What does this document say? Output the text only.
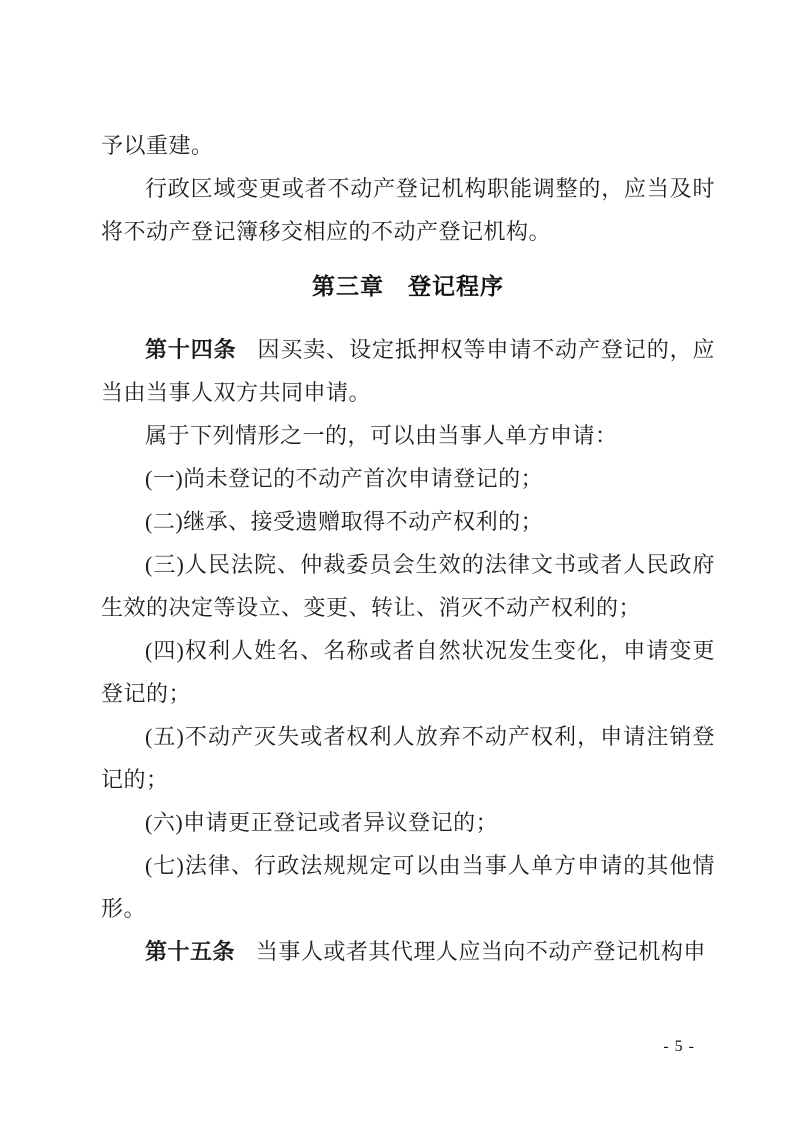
予以重建。

行政区域变更或者不动产登记机构职能调整的，应当及时将不动产登记簿移交相应的不动产登记机构。

第三章　登记程序

第十四条 因买卖、设定抵押权等申请不动产登记的，应当由当事人双方共同申请。

属于下列情形之一的，可以由当事人单方申请：

(一)尚未登记的不动产首次申请登记的；

(二)继承、接受遗赠取得不动产权利的；

(三)人民法院、仲裁委员会生效的法律文书或者人民政府生效的决定等设立、变更、转让、消灭不动产权利的；

(四)权利人姓名、名称或者自然状况发生变化，申请变更登记的；

(五)不动产灭失或者权利人放弃不动产权利，申请注销登记的；

(六)申请更正登记或者异议登记的；

(七)法律、行政法规规定可以由当事人单方申请的其他情形。

第十五条 当事人或者其代理人应当向不动产登记机构申

- 5 -
